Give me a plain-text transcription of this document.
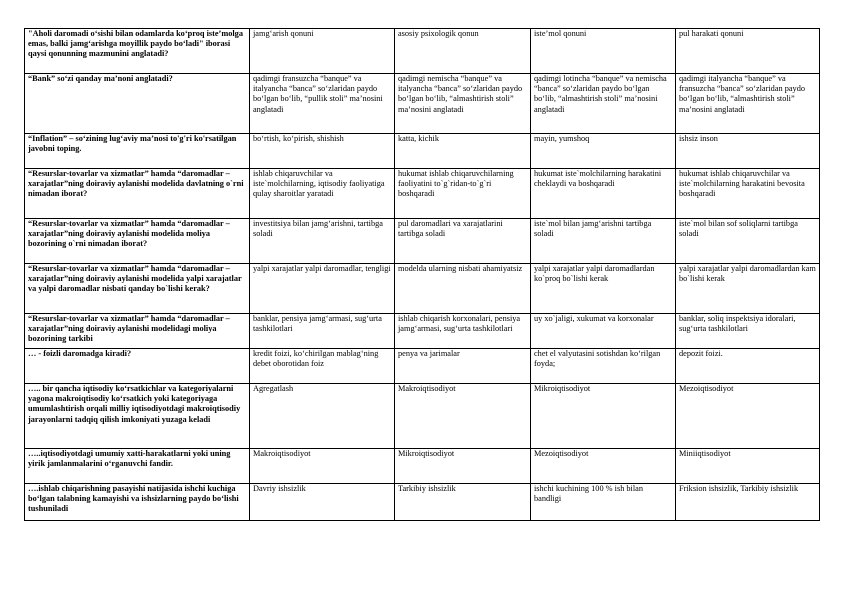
"Aholi daromadi o‘sishi bilan odamlarda ko‘proq iste’molga emas, balki jamg‘arishga moyillik paydo bo‘ladi" iborasi qaysi qonunning mazmunini anglatadi?	jamg‘arish qonuni	asosiy psixologik qonun	iste’mol qonuni	pul harakati qonuni
“Bank” so‘zi qanday ma’noni anglatadi?	qadimgi fransuzcha “banque” va italyancha “banca” so‘zlaridan paydo bo‘lgan bo‘lib, “pullik stoli” ma’nosini anglatadi	qadimgi nemischa “banque” va italyancha “banca” so‘zlaridan paydo bo‘lgan bo‘lib, “almashtirish stoli” ma’nosini anglatadi	qadimgi lotincha “banque” va nemischa “banca” so‘zlaridan paydo bo‘lgan bo‘lib, “almashtirish stoli” ma’nosini anglatadi	qadimgi italyancha “banque” va fransuzcha “banca” so‘zlaridan paydo bo‘lgan bo‘lib, “almashtirish stoli” ma’nosini anglatadi
“Inflation” – so‘zining lug‘aviy ma’nosi to'g'ri ko'rsatilgan javobni toping.	bo‘rtish, ko‘pirish, shishish	katta, kichik	mayin, yumshoq	ishsiz inson
“Resurslar-tovarlar va xizmatlar” hamda “daromadlar – xarajatlar”ning doiraviy aylanishi modelida davlatning o`rni nimadan iborat?	ishlab chiqaruvchilar va iste`molchilarning, iqtisodiy faoliyatiga qulay sharoitlar yaratadi	hukumat ishlab chiqaruvchilarning faoliyatini to`g`ridan-to`g`ri boshqaradi	hukumat iste`molchilarning harakatini cheklaydi va boshqaradi	hukumat ishlab chiqaruvchilar va iste`molchilarning harakatini bevosita boshqaradi
“Resurslar-tovarlar va xizmatlar” hamda “daromadlar – xarajatlar”ning doiraviy aylanishi modelida moliya bozorining o`rni nimadan iborat?	investitsiya bilan jamg‘arishni, tartibga soladi	pul daromadlari va xarajatlarini tartibga soladi	iste`mol bilan jamg‘arishni tartibga soladi	iste`mol bilan sof soliqlarni tartibga soladi
“Resurslar-tovarlar va xizmatlar” hamda “daromadlar – xarajatlar”ning doiraviy aylanishi modelida yalpi xarajatlar va yalpi daromadlar nisbati qanday bo`lishi kerak?	yalpi xarajatlar yalpi daromadlar, tengligi	modelda ularning nisbati ahamiyatsiz	yalpi xarajatlar yalpi daromadlardan ko`proq bo`lishi kerak	yalpi xarajatlar yalpi daromadlardan kam bo`lishi kerak
“Resurslar-tovarlar va xizmatlar” hamda “daromadlar – xarajatlar”ning doiraviy aylanishi modelidagi moliya bozorining tarkibi	banklar, pensiya jamg‘armasi, sug‘urta tashkilotlari	ishlab chiqarish korxonalari, pensiya jamg‘armasi, sug‘urta tashkilotlari	uy xo`jaligi, xukumat va korxonalar	banklar, soliq inspektsiya idoralari, sug‘urta tashkilotlari
… - foizli daromadga kiradi?	kredit foizi, ko‘chirilgan mablag‘ning debet oborotidan foiz	penya va jarimalar	chet el valyutasini sotishdan ko‘rilgan foyda;	depozit foizi.
….. bir qancha iqtisodiy ko‘rsatkichlar va kategoriyalarni yagona makroiqtisodiy ko‘rsatkich yoki kategoriyaga umumlashtirish orqali milliy iqtisodiyotdagi makroiqtisodiy jarayonlarni tadqiq qilish imkoniyati yuzaga keladi	Agregatlash	Makroiqtisodiyot	Mikroiqtisodiyot	Mezoiqtisodiyot
…..iqtisodiyotdagi umumiy xatti-harakatlarni yoki uning yirik jamlanmalarini o‘rganuvchi fandir.	Makroiqtisodiyot	Mikroiqtisodiyot	Mezoiqtisodiyot	Miniiqtisodiyot
….ishlab chiqarishning pasayishi natijasida ishchi kuchiga bo‘lgan talabning kamayishi va ishsizlarning paydo bo‘lishi tushuniladi	Davriy ishsizlik	Tarkibiy ishsizlik	ishchi kuchining 100 % ish bilan bandligi	Friksion ishsizlik, Tarkibiy ishsizlik
